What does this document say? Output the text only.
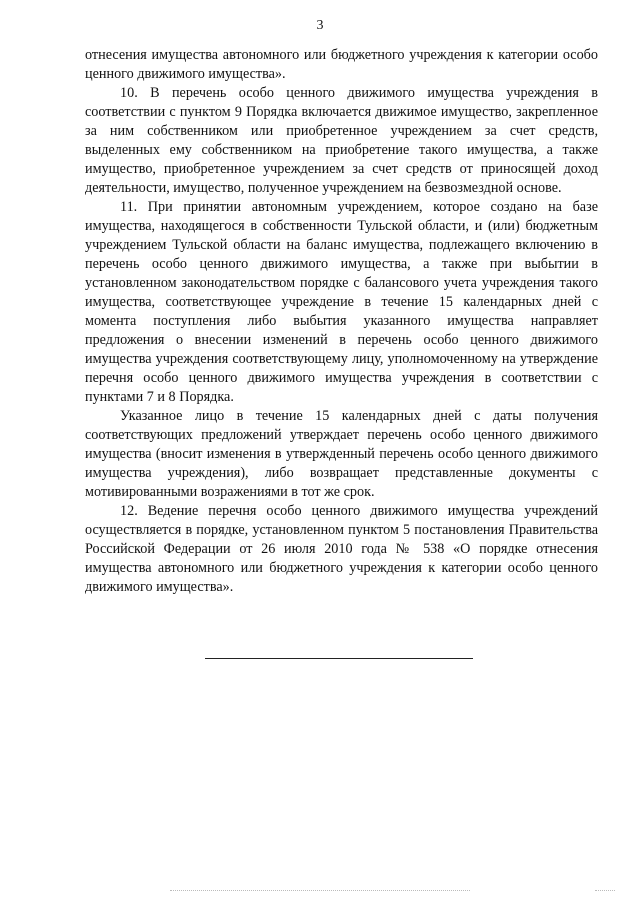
3

отнесения имущества автономного или бюджетного учреждения к категории особо ценного движимого имущества».

10. В перечень особо ценного движимого имущества учреждения в соответствии с пунктом 9 Порядка включается движимое имущество, закрепленное за ним собственником или приобретенное учреждением за счет средств, выделенных ему собственником на приобретение такого имущества, а также имущество, приобретенное учреждением за счет средств от приносящей доход деятельности, имущество, полученное учреждением на безвозмездной основе.

11. При принятии автономным учреждением, которое создано на базе имущества, находящегося в собственности Тульской области, и (или) бюджетным учреждением Тульской области на баланс имущества, подлежащего включению в перечень особо ценного движимого имущества, а также при выбытии в установленном законодательством порядке с балансового учета учреждения такого имущества, соответствующее учреждение в течение 15 календарных дней с момента поступления либо выбытия указанного имущества направляет предложения о внесении изменений в перечень особо ценного движимого имущества учреждения соответствующему лицу, уполномоченному на утверждение перечня особо ценного движимого имущества учреждения в соответствии с пунктами 7 и 8 Порядка.

Указанное лицо в течение 15 календарных дней с даты получения соответствующих предложений утверждает перечень особо ценного движимого имущества (вносит изменения в утвержденный перечень особо ценного движимого имущества учреждения), либо возвращает представленные документы с мотивированными возражениями в тот же срок.

12. Ведение перечня особо ценного движимого имущества учреждений осуществляется в порядке, установленном пунктом 5 постановления Правительства Российской Федерации от 26 июля 2010 года № 538 «О порядке отнесения имущества автономного или бюджетного учреждения к категории особо ценного движимого имущества».
